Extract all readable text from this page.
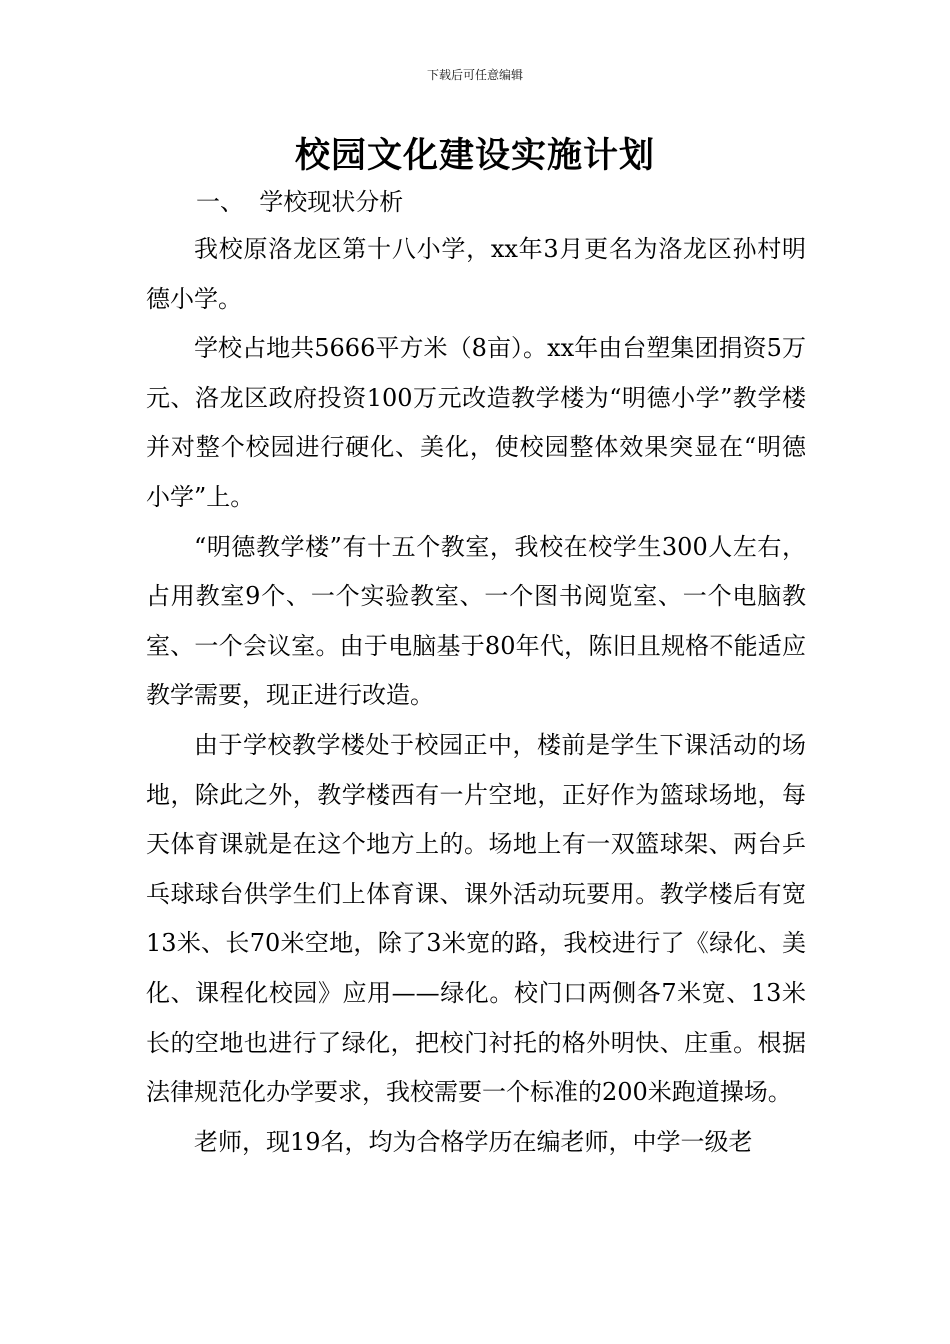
下载后可任意编辑
校园文化建设实施计划
一、  学校现状分析

我校原洛龙区第十八小学，xx年3月更名为洛龙区孙村明德小学。

学校占地共5666平方米（8亩）。xx年由台塑集团捐资5万元、洛龙区政府投资100万元改造教学楼为“明德小学”教学楼并对整个校园进行硬化、美化，使校园整体效果突显在“明德小学”上。

“明德教学楼”有十五个教室，我校在校学生300人左右，占用教室9个、一个实验教室、一个图书阅览室、一个电脑教室、一个会议室。由于电脑基于80年代，陈旧且规格不能适应教学需要，现正进行改造。

由于学校教学楼处于校园正中，楼前是学生下课活动的场地，除此之外，教学楼西有一片空地，正好作为篮球场地，每天体育课就是在这个地方上的。场地上有一双篮球架、两台乒乓球球台供学生们上体育课、课外活动玩要用。教学楼后有宽13米、长70米空地，除了3米宽的路，我校进行了《绿化、美化、课程化校园》应用——绿化。校门口两侧各7米宽、13米长的空地也进行了绿化，把校门衬托的格外明快、庄重。根据法律规范化办学要求，我校需要一个标准的200米跑道操场。

老师，现19名，均为合格学历在编老师，中学一级老
